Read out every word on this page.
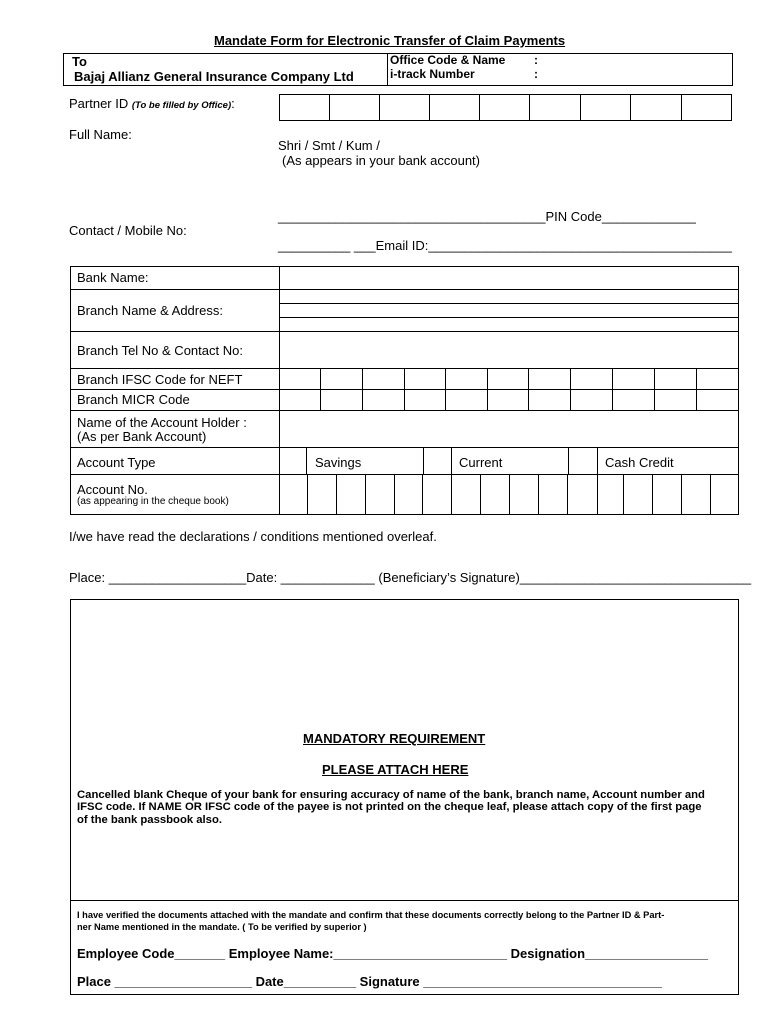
Mandate Form for Electronic Transfer of Claim Payments
To
Bajaj Allianz General Insurance Company Ltd
Office Code & Name :
i-track Number	:
Partner ID (To be filled by Office):
Full Name:
Shri / Smt / Kum /
(As appears in your bank account)
_____________________________________PIN Code_____________
Contact / Mobile No:
__________ ___Email ID:__________________________________________
Bank Name:
Branch Name & Address:
Branch Tel No & Contact No:
Branch IFSC Code for NEFT
Branch MICR Code
Name of the Account Holder :
(As per Bank Account)
Account Type	Savings	Current	Cash Credit
Account No.
(as appearing in the cheque book)
I/we have read the declarations / conditions mentioned overleaf.
Place: ___________________Date: _____________ (Beneficiary’s Signature)________________________________
MANDATORY REQUIREMENT
PLEASE ATTACH HERE
Cancelled blank Cheque of your bank for ensuring accuracy of name of the bank, branch name, Account number and
IFSC code. If NAME OR IFSC code of the payee is not printed on the cheque leaf, please attach copy of the first page
of the bank passbook also.
I have verified the documents attached with the mandate and confirm that these documents correctly belong to the Partner ID & Part-
ner Name mentioned in the mandate. ( To be verified by superior )
Employee Code_______ Employee Name:________________________ Designation_________________
Place ___________________ Date__________ Signature _________________________________
